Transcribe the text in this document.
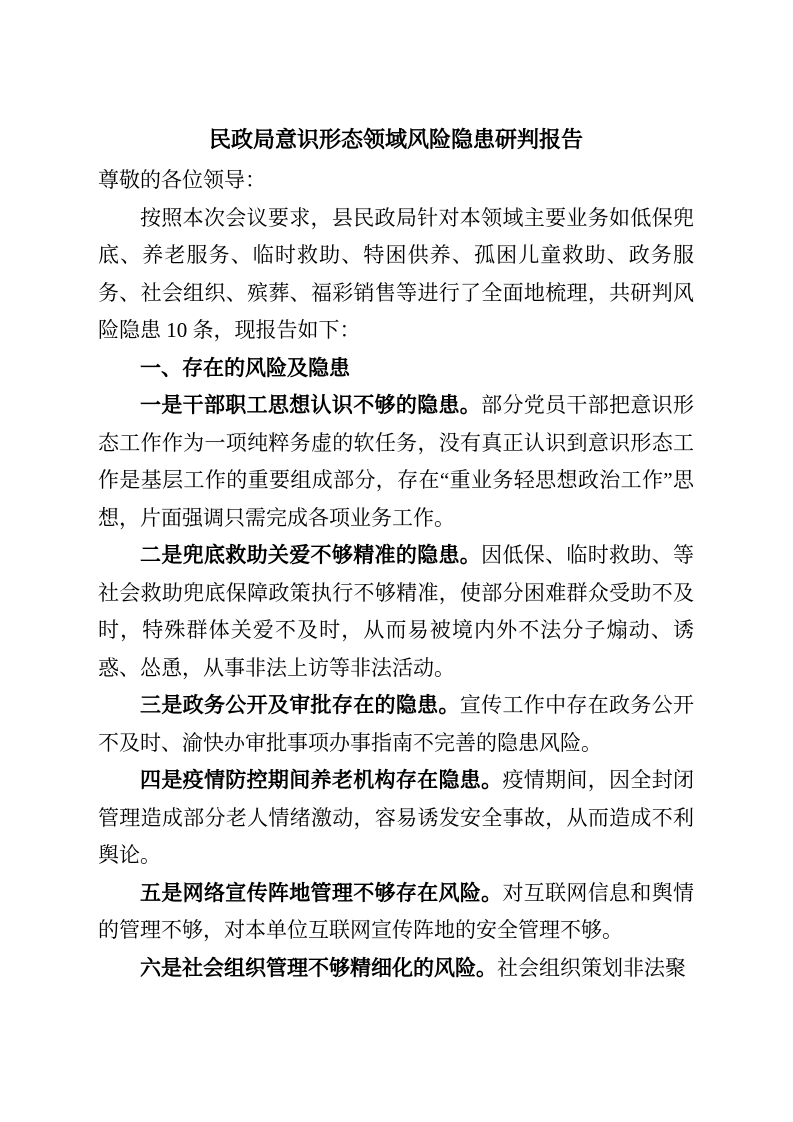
民政局意识形态领域风险隐患研判报告

尊敬的各位领导：

按照本次会议要求，县民政局针对本领域主要业务如低保兜底、养老服务、临时救助、特困供养、孤困儿童救助、政务服务、社会组织、殡葬、福彩销售等进行了全面地梳理，共研判风险隐患 10 条，现报告如下：

一、存在的风险及隐患

一是干部职工思想认识不够的隐患。部分党员干部把意识形态工作作为一项纯粹务虚的软任务，没有真正认识到意识形态工作是基层工作的重要组成部分，存在“重业务轻思想政治工作”思想，片面强调只需完成各项业务工作。

二是兜底救助关爱不够精准的隐患。因低保、临时救助、等社会救助兜底保障政策执行不够精准，使部分困难群众受助不及时，特殊群体关爱不及时，从而易被境内外不法分子煽动、诱惑、怂恿，从事非法上访等非法活动。

三是政务公开及审批存在的隐患。宣传工作中存在政务公开不及时、渝快办审批事项办事指南不完善的隐患风险。

四是疫情防控期间养老机构存在隐患。疫情期间，因全封闭管理造成部分老人情绪激动，容易诱发安全事故，从而造成不利舆论。

五是网络宣传阵地管理不够存在风险。对互联网信息和舆情的管理不够，对本单位互联网宣传阵地的安全管理不够。

六是社会组织管理不够精细化的风险。社会组织策划非法聚
